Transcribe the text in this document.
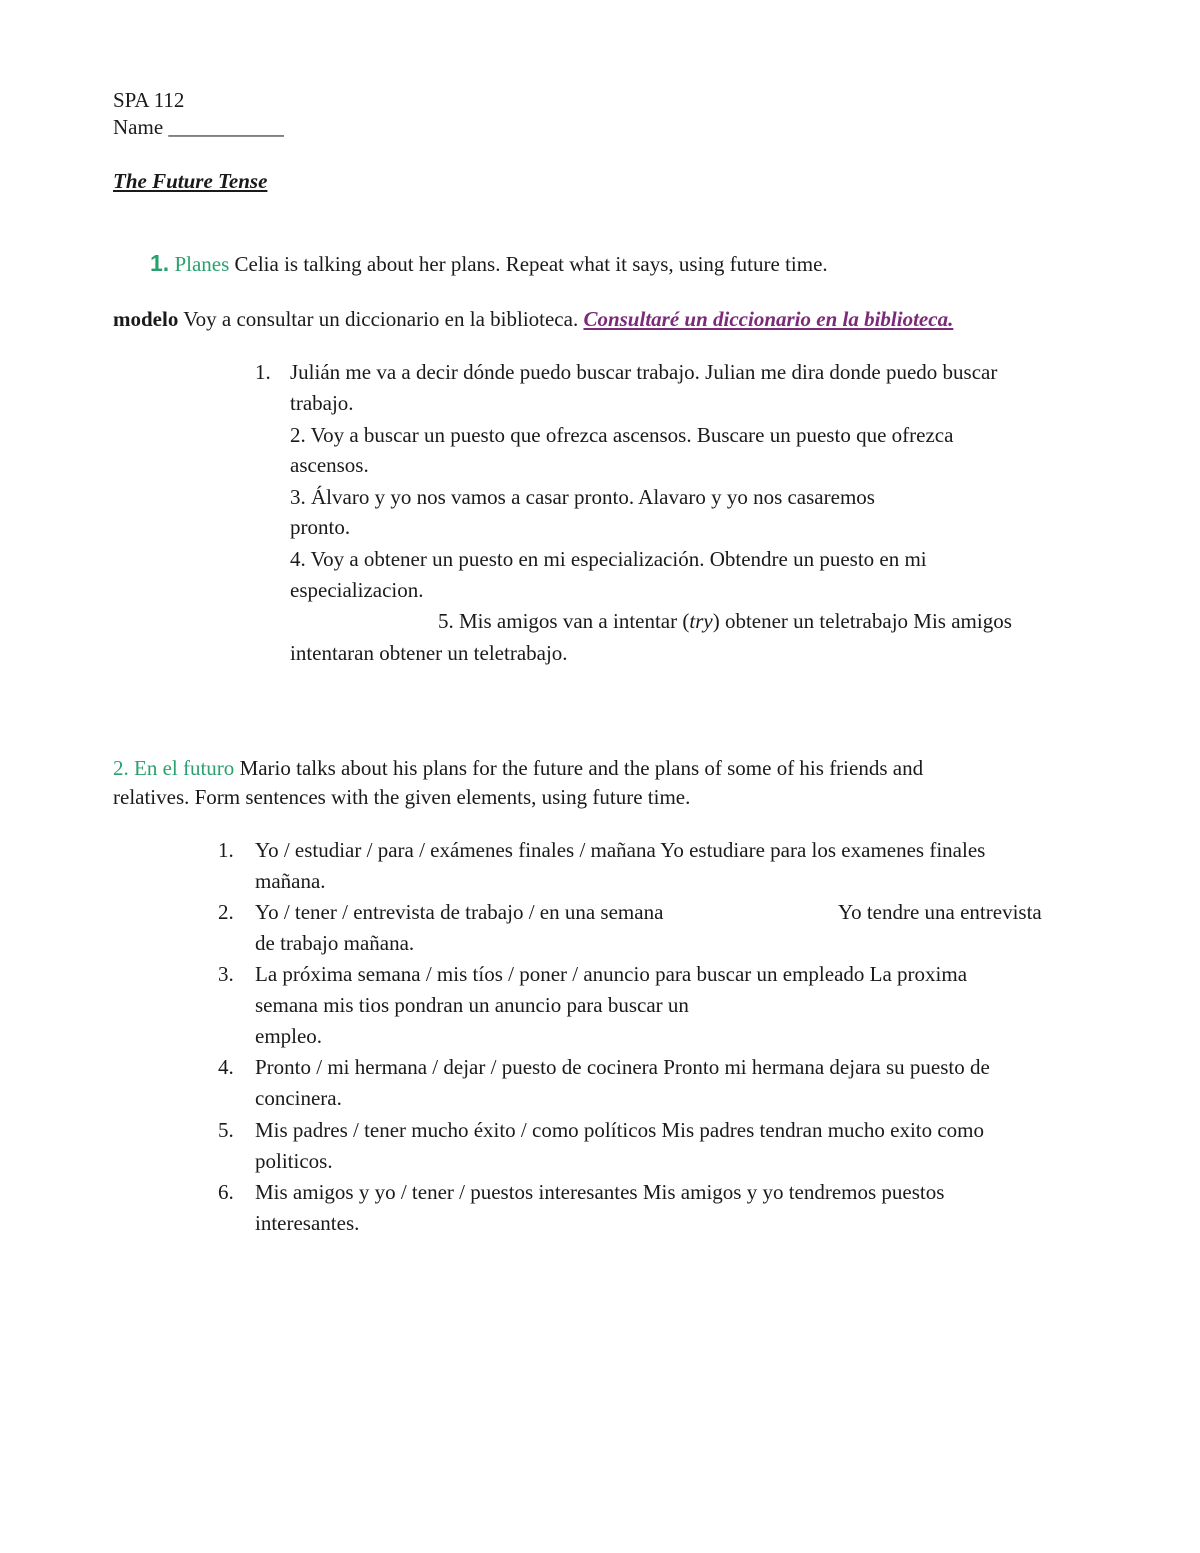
SPA 112
Name ___________
The Future Tense
1. Planes Celia is talking about her plans. Repeat what it says, using future time.
modelo Voy a consultar un diccionario en la biblioteca. Consultaré un diccionario en la biblioteca.
1. Julián me va a decir dónde puedo buscar trabajo. Julian me dira donde puedo buscar
trabajo.
2. Voy a buscar un puesto que ofrezca ascensos. Buscare un puesto que ofrezca
ascensos.
3. Álvaro y yo nos vamos a casar pronto. Alavaro y yo nos casaremos
pronto.
4. Voy a obtener un puesto en mi especialización. Obtendre un puesto en mi
especializacion.
5. Mis amigos van a intentar (try) obtener un teletrabajo Mis amigos
intentaran obtener un teletrabajo.
2. En el futuro Mario talks about his plans for the future and the plans of some of his friends and
relatives. Form sentences with the given elements, using future time.
1. Yo / estudiar / para / exámenes finales / mañana Yo estudiare para los examenes finales
mañana.
2. Yo / tener / entrevista de trabajo / en una semana	Yo tendre una entrevista
de trabajo mañana.
3. La próxima semana / mis tíos / poner / anuncio para buscar un empleado La proxima
semana mis tios pondran un anuncio para buscar un
empleo.
4. Pronto / mi hermana / dejar / puesto de cocinera Pronto mi hermana dejara su puesto de
concinera.
5. Mis padres / tener mucho éxito / como políticos Mis padres tendran mucho exito como
politicos.
6. Mis amigos y yo / tener / puestos interesantes Mis amigos y yo tendremos puestos
interesantes.
